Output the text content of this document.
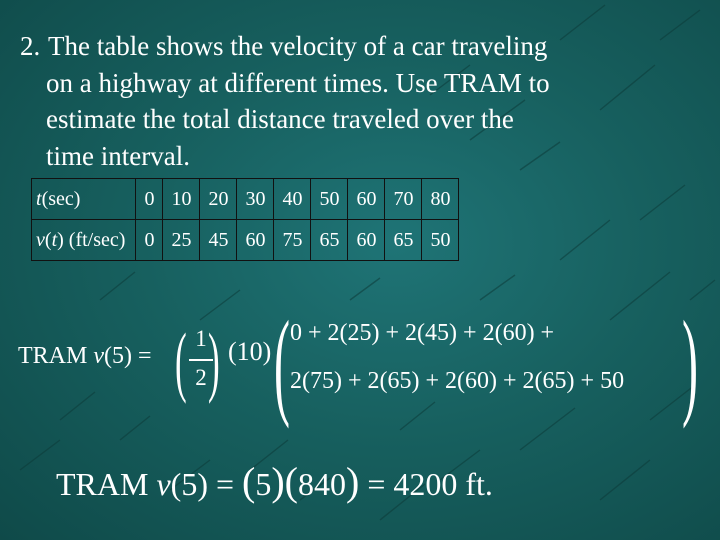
2. The table shows the velocity of a car traveling
on a highway at different times. Use TRAM to
estimate the total distance traveled over the
time interval.
t(sec)	0	10	20	30	40	50	60	70	80
v(t) (ft/sec)	0	25	45	60	75	65	60	65	50
TRAM v(5) = ( 1
2 ) (10) ( 0 + 2(25) + 2(45) + 2(60) +
2(75) + 2(65) + 2(60) + 2(65) + 50 )
TRAM v(5) = (5)(840) = 4200 ft.
